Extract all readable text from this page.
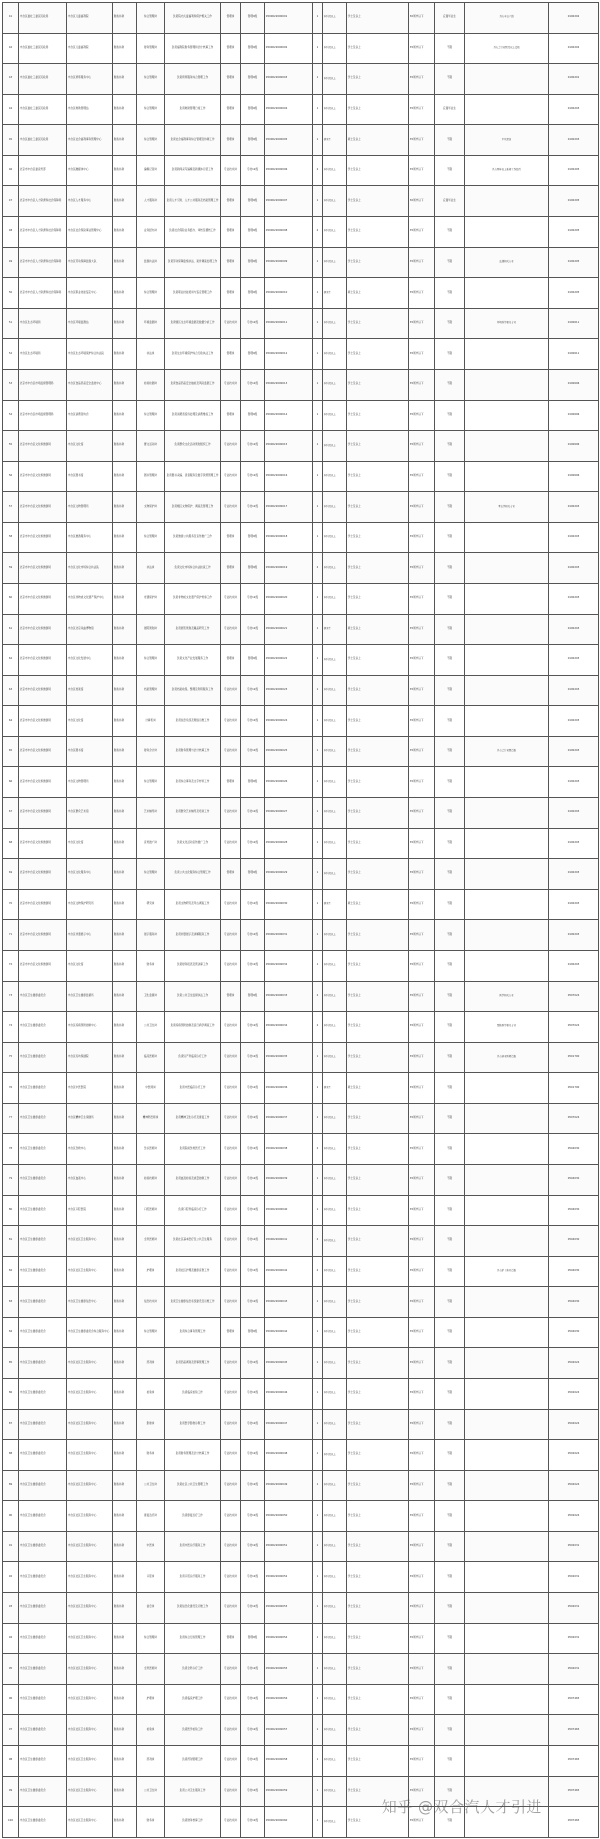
41	丰台区委社工委区民政局	丰台区儿童福利院	财政补助	综合管理岗	负责院内儿童福利和保护相关工作	管理岗	管理9级	0500022000001	1	本科及以上	学士及以上	30周岁以下	应届毕业生	具有丰台户籍	0100202
42	丰台区委社工委区民政局	丰台区儿童福利院	财政补助	财务管理岗	负责福利院财务管理和会计核算工作	管理岗	管理9级	0500022000002	1	本科及以上	学士及以上	35周岁以下	不限	具有会计初级及以上资格	0100202
43	丰台区委社工委区民政局	丰台区殡葬服务中心	财政补助	综合管理岗	负责殡葬服务综合管理工作	管理岗	管理9级	0500022000003	1	本科及以上	学士及以上	35周岁以下	不限		0100201
44	丰台区委社工委区民政局	丰台区救助管理站	财政补助	综合管理岗	负责救助管理日常工作	管理岗	管理9级	0500022000004	1	本科及以上	学士及以上	35周岁以下	应届毕业生		0100203
45	丰台区委社工委区民政局	丰台区社会福利事务管理中心	财政补助	综合管理岗	负责社会福利事务综合管理及协调工作	管理岗	管理9级	0500022000005	1	研究生	硕士及以上	35周岁以下	不限	中共党员	0100203
46	北京市丰台区委宣传部	丰台区融媒体中心	财政补助	编辑记者岗	负责新闻采写编辑及新媒体运营工作	专业技术岗	专技12级	0500022000006	2	本科及以上	学士及以上	35周岁以下	不限	具有两年以上新闻工作经历	0100205
47	北京市丰台区人力资源和社会保障局	丰台区人才服务中心	财政补助	人才服务岗	负责人才引进、人才公共服务及档案管理工作	管理岗	管理9级	0500022000007	1	本科及以上	学士及以上	30周岁以下	应届毕业生		0100205
48	北京市丰台区人力资源和社会保障局	丰台区社会保险事业管理中心	财政补助	业务经办岗	负责社会保险业务经办、审核及稽核工作	管理岗	管理9级	0500022000008	2	本科及以上	学士及以上	35周岁以下	不限		0100205
49	北京市丰台区人力资源和社会保障局	丰台区劳动保障监察大队	财政补助	监察执法岗	负责劳动保障监察执法、案件调查处理工作	管理岗	管理9级	0500022000009	1	本科及以上	学士及以上	35周岁以下	不限	法律相关专业	0100205
50	北京市丰台区人力资源和社会保障局	丰台区职业技能鉴定中心	财政补助	综合管理岗	负责职业技能培训与鉴定管理工作	管理岗	管理9级	0500022000010	1	研究生	硕士及以上	35周岁以下	不限		0100205
51	丰台区生态环境局	丰台区环境监测站	财政补助	环境监测岗	负责辖区生态环境监测及数据分析工作	专业技术岗	专技12级	0500022000011	1	本科及以上	学士及以上	35周岁以下	不限	环境科学相关专业	0100611
52	丰台区生态环境局	丰台区生态环境保护综合执法队	财政补助	执法岗	负责生态环境保护综合行政执法工作	管理岗	管理9级	0500022000012	1	本科及以上	学士及以上	35周岁以下	不限		0100611
53	北京市丰台区市场监督管理局	丰台区食品药品安全监控中心	财政补助	检验检测岗	负责食品药品安全抽检及风险监测工作	专业技术岗	专技12级	0500022000013	1	本科及以上	学士及以上	35周岁以下	不限		0100606
54	北京市丰台区市场监督管理局	丰台区消费者协会	财政补助	综合管理岗	负责消费者投诉处理及消费维权工作	管理岗	管理9级	0500022000014	1	本科及以上	学士及以上	35周岁以下	不限		0100606
55	北京市丰台区文化和旅游局	丰台区文化馆	财政补助	群文活动岗	负责群众文化活动策划组织工作	专业技术岗	专技12级	0500022000015	1	本科及以上	学士及以上	35周岁以下	不限		0100606
56	北京市丰台区文化和旅游局	丰台区图书馆	财政补助	图书管理岗	负责图书采编、读者服务及数字资源管理工作	专业技术岗	专技12级	0500022000016	1	本科及以上	学士及以上	35周岁以下	不限		0100606
57	北京市丰台区文化和旅游局	丰台区文物管理所	财政补助	文物保护岗	负责辖区文物保护、调查及管理工作	专业技术岗	专技12级	0500022000017	1	本科及以上	学士及以上	35周岁以下	不限	考古学相关专业	0100203
58	北京市丰台区文化和旅游局	丰台区旅游服务中心	财政补助	综合管理岗	负责旅游公共服务及宣传推广工作	管理岗	管理9级	0500022000018	1	本科及以上	学士及以上	35周岁以下	不限		0100203
59	北京市丰台区文化和旅游局	丰台区文化市场综合执法队	财政补助	执法岗	负责文化市场综合执法检查工作	管理岗	管理9级	0500022000019	2	本科及以上	学士及以上	35周岁以下	不限		0100203
60	北京市丰台区文化和旅游局	丰台区非物质文化遗产保护中心	财政补助	非遗保护岗	负责非物质文化遗产保护传承工作	专业技术岗	专技12级	0500022000020	1	本科及以上	学士及以上	35周岁以下	不限		0100203
61	北京市丰台区文化和旅游局	丰台区北京戏曲博物馆	财政补助	展陈策划岗	负责展览策划及藏品研究工作	专业技术岗	专技12级	0500022000021	1	研究生	硕士及以上	35周岁以下	不限		0100203
62	北京市丰台区文化和旅游局	丰台区文化发展中心	财政补助	综合管理岗	负责文化产业发展服务工作	管理岗	管理9级	0500022000022	1	本科及以上	学士及以上	35周岁以下	不限		0100203
63	北京市丰台区文化和旅游局	丰台区档案馆	财政补助	档案管理岗	负责档案收集、整理及利用服务工作	专业技术岗	专技12级	0500022000023	1	本科及以上	学士及以上	35周岁以下	不限		0100203
64	北京市丰台区文化和旅游局	丰台区文化馆	财政补助	计算机岗	负责信息系统及网络运维工作	专业技术岗	专技12级	0500022000024	1	本科及以上	学士及以上	35周岁以下	不限		0100203
65	北京市丰台区文化和旅游局	丰台区图书馆	财政补助	财务会计岗	负责财务管理与会计核算工作	专业技术岗	专技12级	0500022000025	1	本科及以上	学士及以上	35周岁以下	不限	具有会计初级资格	0100203
66	北京市丰台区文化和旅游局	丰台区文物管理所	财政补助	综合管理岗	负责综合事务及文字材料工作	管理岗	管理9级	0500022000026	1	本科及以上	学士及以上	35周岁以下	不限		0100203
67	北京市丰台区文化和旅游局	丰台区群众艺术馆	财政补助	艺术辅导岗	负责群众艺术辅导及培训工作	专业技术岗	专技12级	0500022000027	1	本科及以上	学士及以上	35周岁以下	不限		0100203
68	北京市丰台区文化和旅游局	丰台区文化馆	财政补助	宣传推广岗	负责文化活动宣传推广工作	专业技术岗	专技12级	0500022000028	1	本科及以上	学士及以上	35周岁以下	不限		0100203
69	北京市丰台区文化和旅游局	丰台区文化服务中心	财政补助	综合管理岗	负责公共文化服务综合管理工作	管理岗	管理9级	0500022000029	1	本科及以上	学士及以上	35周岁以下	不限		0100203
70	北京市丰台区文化和旅游局	丰台区文物保护研究所	财政补助	研究岗	负责文物研究及考古调查工作	专业技术岗	专技12级	0500022000030	1	研究生	硕士及以上	35周岁以下	不限		0100203
71	北京市丰台区文化和旅游局	丰台区非遗展示中心	财政补助	展示服务岗	负责非遗展示及讲解服务工作	专业技术岗	专技12级	0500022000031	1	本科及以上	学士及以上	35周岁以下	不限		0100203
72	北京市丰台区文化和旅游局	丰台区文化馆	财政补助	财务岗	负责财务报表及预决算工作	专业技术岗	专技12级	0500022000032	1	本科及以上	学士及以上	35周岁以下	不限		0100203
73	丰台区卫生健康委员会	丰台区卫生健康监督所	财政补助	卫生监督岗	负责公共卫生监督执法工作	管理岗	管理9级	0500022000033	2	本科及以上	学士及以上	35周岁以下	不限	医学相关专业	0507024
74	丰台区卫生健康委员会	丰台区疾病预防控制中心	财政补助	公共卫生岗	负责疾病预防控制及流行病学调查工作	专业技术岗	专技12级	0500022000034	2	本科及以上	学士及以上	35周岁以下	不限	预防医学相关专业	0507024
75	丰台区卫生健康委员会	丰台区妇幼保健院	财政补助	临床医师岗	负责妇产科临床诊疗工作	专业技术岗	专技12级	0500022000035	1	本科及以上	学士及以上	35周岁以下	不限	具有执业医师资格	0501700
76	丰台区卫生健康委员会	丰台区中医医院	财政补助	中医师岗	负责中医临床诊疗工作	专业技术岗	专技12级	0500022000036	1	研究生	硕士及以上	35周岁以下	不限		0501700
77	丰台区卫生健康委员会	丰台区精神卫生保健所	财政补助	精神科医师岗	负责精神卫生诊疗及康复工作	专业技术岗	专技12级	0500022000037	1	本科及以上	学士及以上	35周岁以下	不限		0507024
78	丰台区卫生健康委员会	丰台区急救中心	财政补助	急诊医师岗	负责院前急救医疗工作	专业技术岗	专技12级	0500022000038	2	本科及以上	学士及以上	35周岁以下	不限		0504030
79	丰台区卫生健康委员会	丰台区血液中心	财政补助	检验技师岗	负责血液检验及质量控制工作	专业技术岗	专技12级	0500022000039	1	本科及以上	学士及以上	35周岁以下	不限		0504030
80	丰台区卫生健康委员会	丰台区口腔医院	财政补助	口腔医师岗	负责口腔科临床诊疗工作	专业技术岗	专技12级	0500022000040	1	本科及以上	学士及以上	35周岁以下	不限		0504030
81	丰台区卫生健康委员会	丰台区社区卫生服务中心	财政补助	全科医师岗	负责社区基本医疗及公共卫生服务	专业技术岗	专技12级	0500022000041	2	本科及以上	学士及以上	35周岁以下	不限		0504030
82	丰台区卫生健康委员会	丰台区社区卫生服务中心	财政补助	护理岗	负责社区护理及健康宣教工作	专业技术岗	专技12级	0500022000042	2	本科及以上	学士及以上	35周岁以下	不限	具有护士执业资格	0504030
83	丰台区卫生健康委员会	丰台区卫生健康信息中心	财政补助	信息技术岗	负责卫生健康信息系统建设及运维工作	专业技术岗	专技12级	0500022000043	1	本科及以上	学士及以上	35周岁以下	不限		0504030
84	丰台区卫生健康委员会	丰台区卫生健康委员会综合服务中心	财政补助	综合管理岗	负责综合事务管理工作	管理岗	管理9级	0500022000044	1	本科及以上	学士及以上	35周岁以下	不限		0504030
85	丰台区卫生健康委员会	丰台区社区卫生服务中心	财政补助	药剂岗	负责药品调剂及药事管理工作	专业技术岗	专技12级	0500022000045	1	本科及以上	学士及以上	35周岁以下	不限		0502024
86	丰台区卫生健康委员会	丰台区社区卫生服务中心	财政补助	检验岗	负责临床检验工作	专业技术岗	专技12级	0500022000046	1	本科及以上	学士及以上	35周岁以下	不限		0502024
87	丰台区卫生健康委员会	丰台区社区卫生服务中心	财政补助	影像岗	负责医学影像诊断工作	专业技术岗	专技12级	0500022000047	1	本科及以上	学士及以上	35周岁以下	不限		0502024
88	丰台区卫生健康委员会	丰台区社区卫生服务中心	财政补助	财务岗	负责财务管理及会计核算工作	专业技术岗	专技12级	0500022000048	1	本科及以上	学士及以上	35周岁以下	不限		0502024
89	丰台区卫生健康委员会	丰台区社区卫生服务中心	财政补助	公共卫生岗	负责社区公共卫生管理工作	专业技术岗	专技12级	0500022000049	1	本科及以上	学士及以上	35周岁以下	不限		0502024
90	丰台区卫生健康委员会	丰台区社区卫生服务中心	财政补助	康复治疗岗	负责康复治疗工作	专业技术岗	专技12级	0500022000050	1	本科及以上	学士及以上	35周岁以下	不限		0502024
91	丰台区卫生健康委员会	丰台区社区卫生服务中心	财政补助	中医岗	负责中医诊疗服务工作	专业技术岗	专技12级	0500022000051	1	本科及以上	学士及以上	35周岁以下	不限		0502031
92	丰台区卫生健康委员会	丰台区社区卫生服务中心	财政补助	口腔岗	负责口腔诊疗服务工作	专业技术岗	专技12级	0500022000052	1	本科及以上	学士及以上	35周岁以下	不限		0502031
93	丰台区卫生健康委员会	丰台区社区卫生服务中心	财政补助	信息岗	负责信息化建设及运维工作	专业技术岗	专技12级	0500022000053	1	本科及以上	学士及以上	35周岁以下	不限		0502031
94	丰台区卫生健康委员会	丰台区社区卫生服务中心	财政补助	综合管理岗	负责综合行政管理工作	管理岗	管理9级	0500022000054	1	本科及以上	学士及以上	35周岁以下	不限		0502031
95	丰台区卫生健康委员会	丰台区社区卫生服务中心	财政补助	全科医师岗	负责全科诊疗工作	专业技术岗	专技12级	0500022000055	1	本科及以上	学士及以上	35周岁以下	不限		0502031
96	丰台区卫生健康委员会	丰台区社区卫生服务中心	财政补助	护理岗	负责临床护理工作	专业技术岗	专技12级	0500022000056	1	本科及以上	学士及以上	35周岁以下	不限		0507465
97	丰台区卫生健康委员会	丰台区社区卫生服务中心	财政补助	检验岗	负责医学检验工作	专业技术岗	专技12级	0500022000057	1	本科及以上	学士及以上	35周岁以下	不限		0507465
98	丰台区卫生健康委员会	丰台区社区卫生服务中心	财政补助	药剂岗	负责药剂管理工作	专业技术岗	专技12级	0500022000058	1	本科及以上	学士及以上	35周岁以下	不限		0507465
99	丰台区卫生健康委员会	丰台区社区卫生服务中心	财政补助	公共卫生岗	负责公共卫生服务工作	专业技术岗	专技12级	0500022000059	1	本科及以上	学士及以上	35周岁以下	不限		0507465
100	丰台区卫生健康委员会	丰台区社区卫生服务中心	财政补助	财务岗	负责财务核算工作	专业技术岗	专技12级	0500022000060	1	本科及以上	学士及以上	35周岁以下	不限		0507465
知乎 @双合汽人才引进
